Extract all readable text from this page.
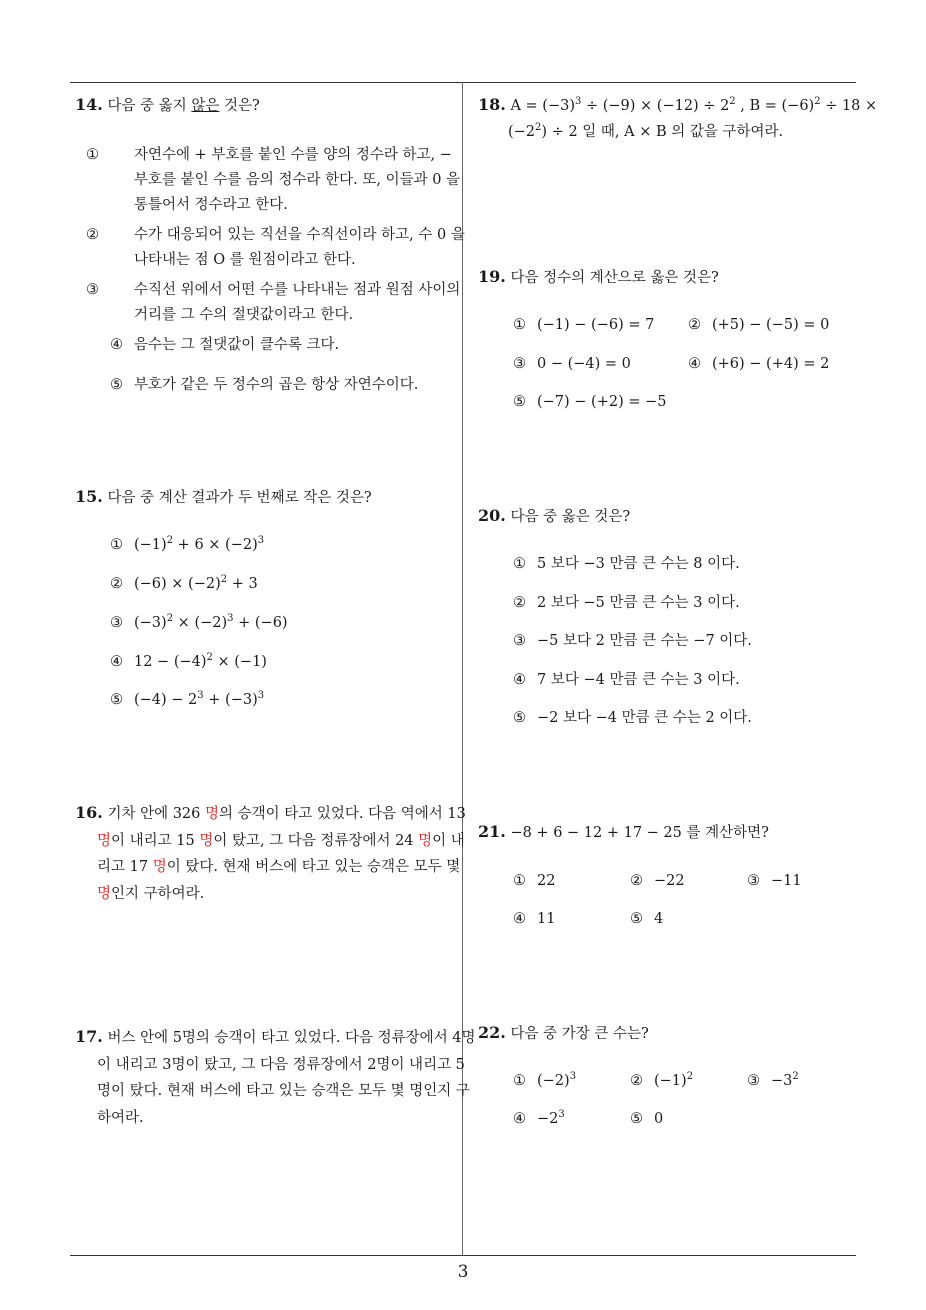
3
14. 다음 중 옳지 않은 것은?
① 자연수에 + 부호를 붙인 수를 양의 정수라 하고, − 부호를 붙인 수를 음의 정수라 한다. 또, 이들과 0 을 통틀어서 정수라고 한다.
② 수가 대응되어 있는 직선을 수직선이라 하고, 수 0 을 나타내는 점 O 를 원점이라고 한다.
③ 수직선 위에서 어떤 수를 나타내는 점과 원점 사이의 거리를 그 수의 절댓값이라고 한다.
④ 음수는 그 절댓값이 클수록 크다.
⑤ 부호가 같은 두 정수의 곱은 항상 자연수이다.
15. 다음 중 계산 결과가 두 번째로 작은 것은?
① $(-1)^2 + 6 \times (-2)^3$
② $(-6) \times (-2)^2 + 3$
③ $(-3)^2 \times (-2)^3 + (-6)$
④ $12 - (-4)^2 \times (-1)$
⑤ $(-4) - 2^3 + (-3)^3$
16. 기차 안에 326 명의 승객이 타고 있었다. 다음 역에서 13 명이 내리고 15 명이 탔고, 그 다음 정류장에서 24 명이 내리고 17 명이 탔다. 현재 버스에 타고 있는 승객은 모두 몇 명인지 구하여라.
17. 버스 안에 5명의 승객이 타고 있었다. 다음 정류장에서 4명이 내리고 3명이 탔고, 그 다음 정류장에서 2명이 내리고 5명이 탔다. 현재 버스에 타고 있는 승객은 모두 몇 명인지 구하여라.
18. $A = (-3)^3 \div (-9) \times (-12) \div 2^2$ , $B = (-6)^2 \div 18 \times (-2^2) \div 2$ 일 때, A × B 의 값을 구하여라.
19. 다음 정수의 계산으로 옳은 것은?
① (−1) − (−6) = 7 ② (+5) − (−5) = 0
③ 0 − (−4) = 0	④ (+6) − (+4) = 2
⑤ (−7) − (+2) = −5
20. 다음 중 옳은 것은?
① 5 보다 −3 만큼 큰 수는 8 이다.
② 2 보다 −5 만큼 큰 수는 3 이다.
③ −5 보다 2 만큼 큰 수는 −7 이다.
④ 7 보다 −4 만큼 큰 수는 3 이다.
⑤ −2 보다 −4 만큼 큰 수는 2 이다.
21. −8 + 6 − 12 + 17 − 25 를 계산하면?
① 22	② −22	③ −11
④ 11	⑤ 4
22. 다음 중 가장 큰 수는?
① $(-2)^3$	② $(-1)^2$	③ $-3^2$
④ $-2^3$	⑤ 0
